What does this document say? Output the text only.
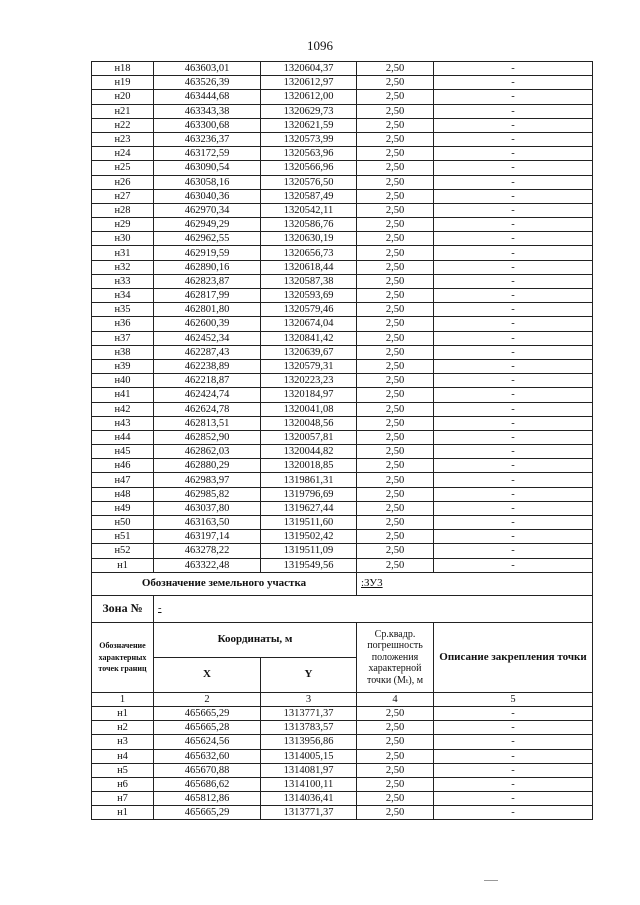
1096
н18	463603,01	1320604,37	2,50	-
н19	463526,39	1320612,97	2,50	-
н20	463444,68	1320612,00	2,50	-
н21	463343,38	1320629,73	2,50	-
н22	463300,68	1320621,59	2,50	-
н23	463236,37	1320573,99	2,50	-
н24	463172,59	1320563,96	2,50	-
н25	463090,54	1320566,96	2,50	-
н26	463058,16	1320576,50	2,50	-
н27	463040,36	1320587,49	2,50	-
н28	462970,34	1320542,11	2,50	-
н29	462949,29	1320586,76	2,50	-
н30	462962,55	1320630,19	2,50	-
н31	462919,59	1320656,73	2,50	-
н32	462890,16	1320618,44	2,50	-
н33	462823,87	1320587,38	2,50	-
н34	462817,99	1320593,69	2,50	-
н35	462801,80	1320579,46	2,50	-
н36	462600,39	1320674,04	2,50	-
н37	462452,34	1320841,42	2,50	-
н38	462287,43	1320639,67	2,50	-
н39	462238,89	1320579,31	2,50	-
н40	462218,87	1320223,23	2,50	-
н41	462424,74	1320184,97	2,50	-
н42	462624,78	1320041,08	2,50	-
н43	462813,51	1320048,56	2,50	-
н44	462852,90	1320057,81	2,50	-
н45	462862,03	1320044,82	2,50	-
н46	462880,29	1320018,85	2,50	-
н47	462983,97	1319861,31	2,50	-
н48	462985,82	1319796,69	2,50	-
н49	463037,80	1319627,44	2,50	-
н50	463163,50	1319511,60	2,50	-
н51	463197,14	1319502,42	2,50	-
н52	463278,22	1319511,09	2,50	-
н1	463322,48	1319549,56	2,50	-
Обозначение земельного участка			:ЗУ3	
Зона №	-			
Обозначение характерных точек границ	Координаты, м		Ср.квадр. погрешность положения характерной точки (Mₜ), м	Описание закрепления точки
	X	Y		
1	2	3	4	5
н1	465665,29	1313771,37	2,50	-
н2	465665,28	1313783,57	2,50	-
н3	465624,56	1313956,86	2,50	-
н4	465632,60	1314005,15	2,50	-
н5	465670,88	1314081,97	2,50	-
н6	465686,62	1314100,11	2,50	-
н7	465812,86	1314036,41	2,50	-
н1	465665,29	1313771,37	2,50	-
